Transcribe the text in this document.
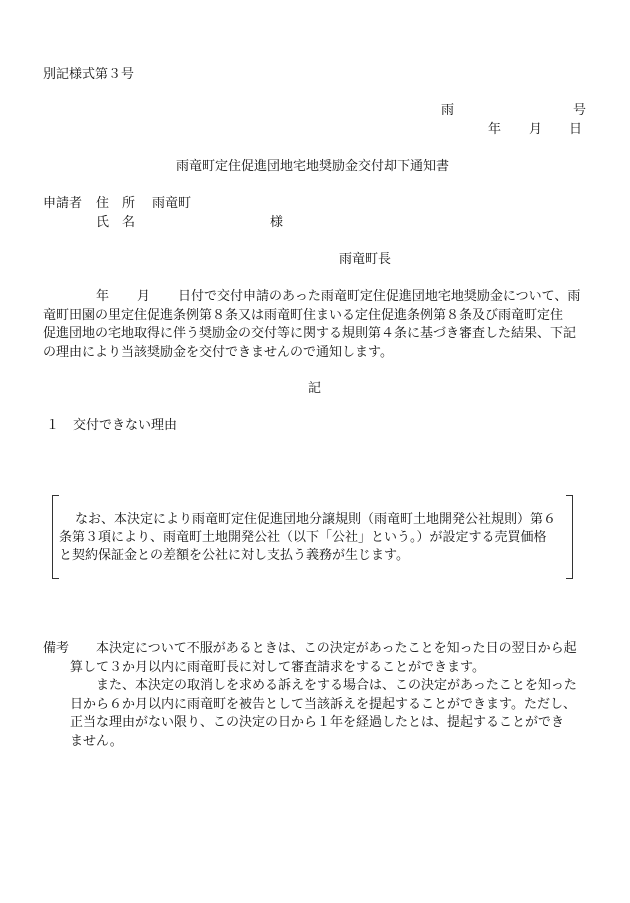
別記様式第３号
雨	号
年 月 日
雨竜町定住促進団地宅地奨励金交付却下通知書
申請者 住　所 雨竜町
氏　名	様
雨竜町長
年 月 日付で交付申請のあった雨竜町定住促進団地宅地奨励金について、雨
竜町田園の里定住促進条例第８条又は雨竜町住まいる定住促進条例第８条及び雨竜町定住
促進団地の宅地取得に伴う奨励金の交付等に関する規則第４条に基づき審査した結果、下記
の理由により当該奨励金を交付できませんので通知します。
記
１ 交付できない理由
なお、本決定により雨竜町定住促進団地分譲規則（雨竜町土地開発公社規則）第６
条第３項により、雨竜町土地開発公社（以下「公社」という。）が設定する売買価格
と契約保証金との差額を公社に対し支払う義務が生じます。
備考 本決定について不服があるときは、この決定があったことを知った日の翌日から起
算して３か月以内に雨竜町長に対して審査請求をすることができます。
また、本決定の取消しを求める訴えをする場合は、この決定があったことを知った
日から６か月以内に雨竜町を被告として当該訴えを提起することができます。ただし、
正当な理由がない限り、この決定の日から１年を経過したとは、提起することができ
ません。
